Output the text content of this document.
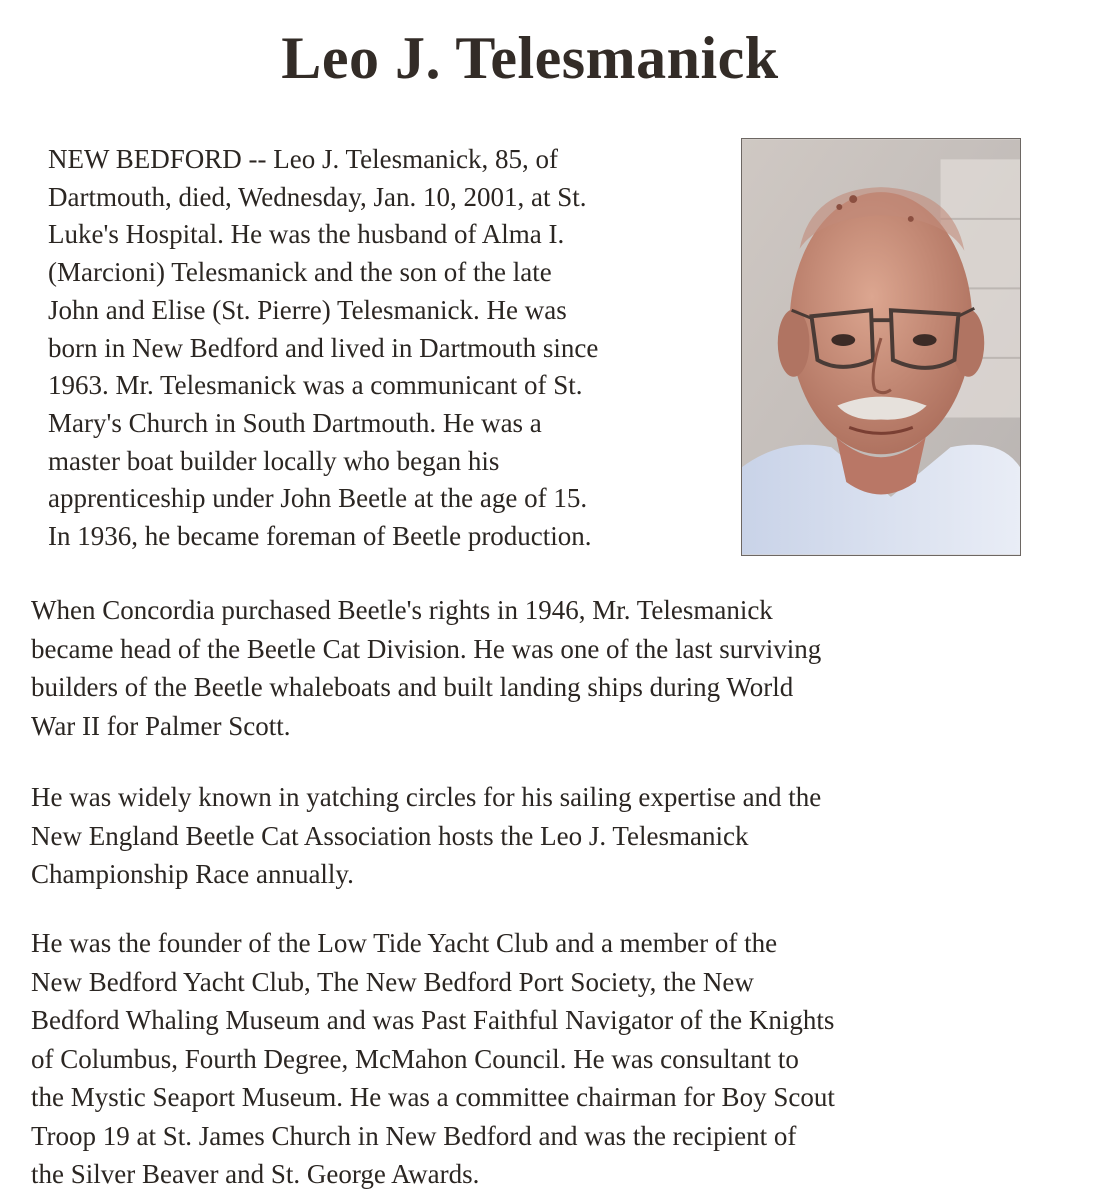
Leo J. Telesmanick
NEW BEDFORD -- Leo J. Telesmanick, 85, of
Dartmouth, died, Wednesday, Jan. 10, 2001, at St.
Luke's Hospital. He was the husband of Alma I.
(Marcioni) Telesmanick and the son of the late
John and Elise (St. Pierre) Telesmanick. He was
born in New Bedford and lived in Dartmouth since
1963. Mr. Telesmanick was a communicant of St.
Mary's Church in South Dartmouth. He was a
master boat builder locally who began his
apprenticeship under John Beetle at the age of 15.
In 1936, he became foreman of Beetle production.
When Concordia purchased Beetle's rights in 1946, Mr. Telesmanick
became head of the Beetle Cat Division. He was one of the last surviving
builders of the Beetle whaleboats and built landing ships during World
War II for Palmer Scott.
He was widely known in yatching circles for his sailing expertise and the
New England Beetle Cat Association hosts the Leo J. Telesmanick
Championship Race annually.
He was the founder of the Low Tide Yacht Club and a member of the
New Bedford Yacht Club, The New Bedford Port Society, the New
Bedford Whaling Museum and was Past Faithful Navigator of the Knights
of Columbus, Fourth Degree, McMahon Council. He was consultant to
the Mystic Seaport Museum. He was a committee chairman for Boy Scout
Troop 19 at St. James Church in New Bedford and was the recipient of
the Silver Beaver and St. George Awards.
